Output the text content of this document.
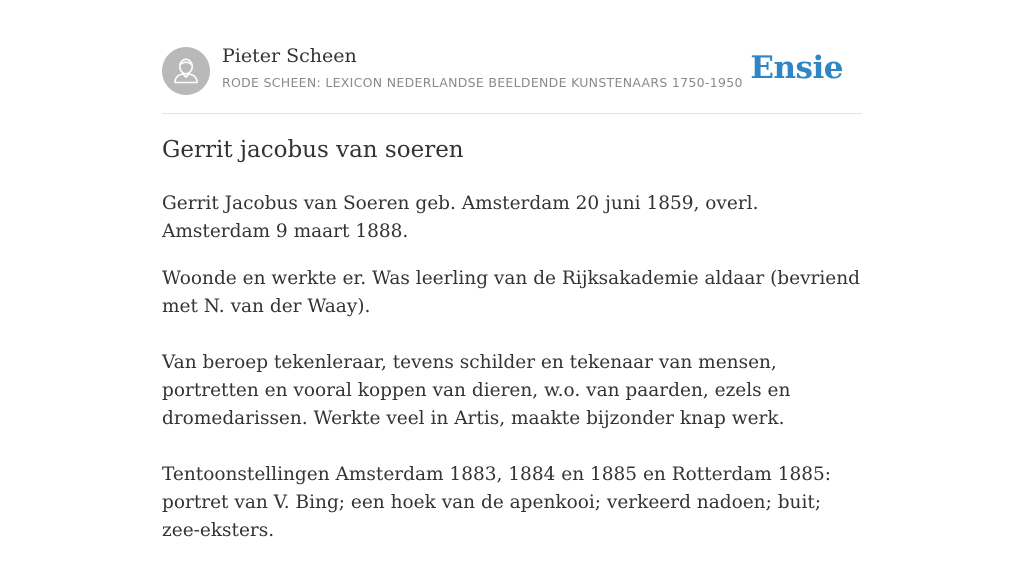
Pieter Scheen
RODE SCHEEN: LEXICON NEDERLANDSE BEELDENDE KUNSTENAARS 1750-1950 Ensie
Gerrit jacobus van soeren

Gerrit Jacobus van Soeren geb. Amsterdam 20 juni 1859, overl. Amsterdam 9 maart 1888.

Woonde en werkte er. Was leerling van de Rijksakademie aldaar (bevriend met N. van der Waay).

Van beroep tekenleraar, tevens schilder en tekenaar van mensen, portretten en vooral koppen van dieren, w.o. van paarden, ezels en dromedarissen. Werkte veel in Artis, maakte bijzonder knap werk.

Tentoonstellingen Amsterdam 1883, 1884 en 1885 en Rotterdam 1885: portret van V. Bing; een hoek van de apenkooi; verkeerd nadoen; buit; zee-eksters.
